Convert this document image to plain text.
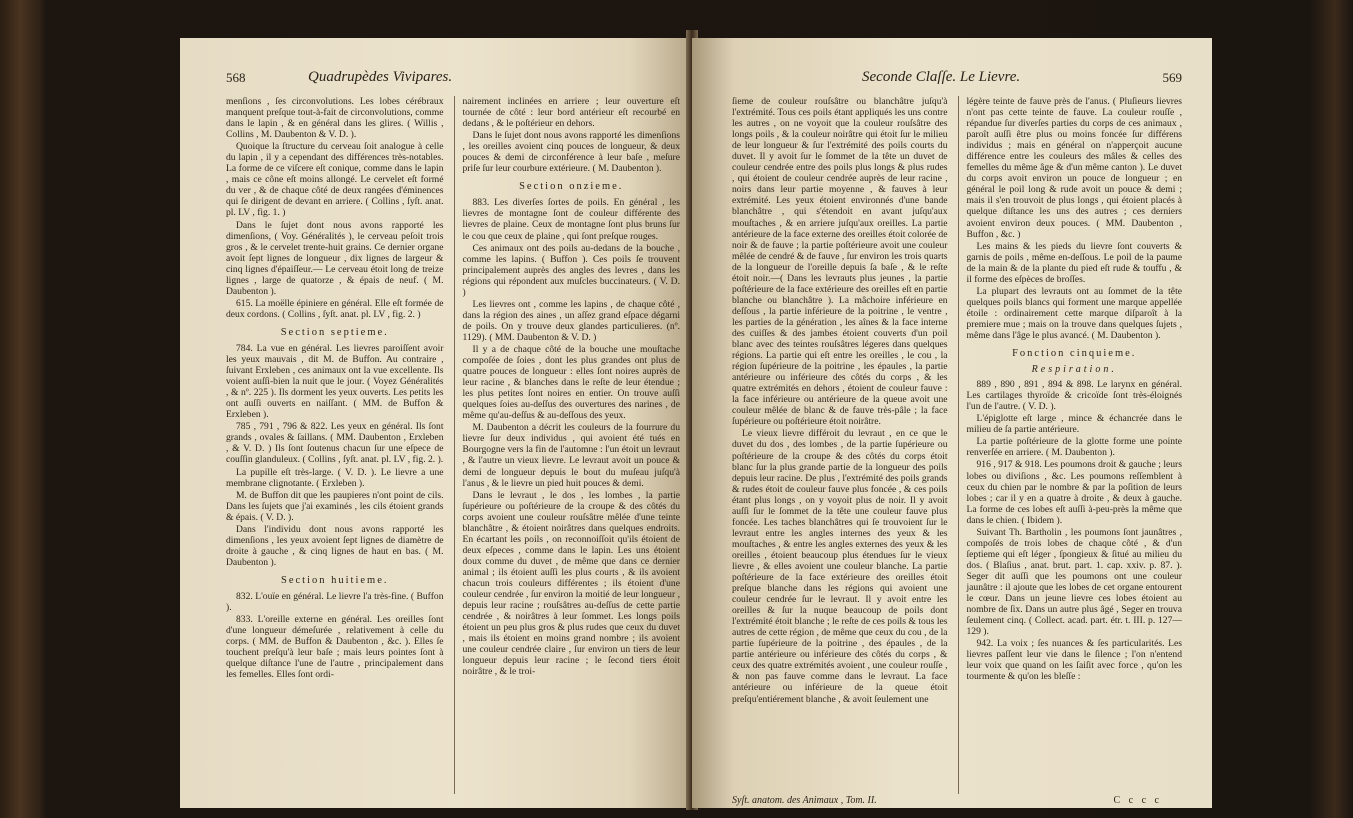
568	Quadrupèdes Vivipares.

menſions , ſes circonvolutions. Les lobes cérébraux manquent preſque tout-à-fait de circonvolutions, comme dans le lapin , & en général dans les glires. ( Willis , Collins , M. Daubenton & V. D. ).

Quoique la ſtructure du cerveau ſoit analogue à celle du lapin , il y a cependant des différences très-notables. La forme de ce viſcere eſt conique, comme dans le lapin , mais ce cône eſt moins allongé. Le cervelet eſt formé du ver , & de chaque côté de deux rangées d'éminences qui ſe dirigent de devant en arriere. ( Collins , ſyſt. anat. pl. LV , fig. 1. )

Dans le ſujet dont nous avons rapporté les dimenſions, ( Voy. Généralités ), le cerveau peſoit trois gros , & le cervelet trente-huit grains. Ce dernier organe avoit ſept lignes de longueur , dix lignes de largeur & cinq lignes d'épaiſſeur.— Le cerveau étoit long de treize lignes , large de quatorze , & épais de neuf. ( M. Daubenton ).

615. La moëlle épiniere en général. Elle eſt formée de deux cordons. ( Collins , ſyſt. anat. pl. LV , fig. 2. )

Section septieme.

784. La vue en général. Les lievres paroiſſent avoir les yeux mauvais , dit M. de Buffon. Au contraire , ſuivant Erxleben , ces animaux ont la vue excellente. Ils voient auſſi-bien la nuit que le jour. ( Voyez Généralités , & nº. 225 ). Ils dorment les yeux ouverts. Les petits les ont auſſi ouverts en naiſſant. ( MM. de Buffon & Erxleben ).

785 , 791 , 796 & 822. Les yeux en général. Ils ſont grands , ovales & ſaillans. ( MM. Daubenton , Erxleben , & V. D. ) Ils ſont ſoutenus chacun ſur une eſpece de couſſin glanduleux. ( Collins , ſyſt. anat. pl. LV , fig. 2. ).

La pupille eſt très-large. ( V. D. ). Le lievre a une membrane clignotante. ( Erxleben ).

M. de Buffon dit que les paupieres n'ont point de cils. Dans les ſujets que j'ai examinés , les cils étoient grands & épais. ( V. D. ).

Dans l'individu dont nous avons rapporté les dimenſions , les yeux avoient ſept lignes de diamètre de droite à gauche , & cinq lignes de haut en bas. ( M. Daubenton ).

Section huitieme.

832. L'ouïe en général. Le lievre l'a très-fine. ( Buffon ).

833. L'oreille externe en général. Les oreilles ſont d'une longueur démeſurée , relativement à celle du corps. ( MM. de Buffon & Daubenton , &c. ). Elles ſe touchent preſqu'à leur baſe ; mais leurs pointes ſont à quelque diſtance l'une de l'autre , principalement dans les femelles. Elles ſont ordi-

nairement inclinées en arriere ; leur ouverture eſt tournée de côté : leur bord antérieur eſt recourbé en dedans , & le poſtérieur en dehors.

Dans le ſujet dont nous avons rapporté les dimenſions , les oreilles avoient cinq pouces de longueur, & deux pouces & demi de circonférence à leur baſe , meſure priſe ſur leur courbure extérieure. ( M. Daubenton ).

Section onzieme.

883. Les diverſes ſortes de poils. En général , les lievres de montagne ſont de couleur différente des lievres de plaine. Ceux de montagne ſont plus bruns ſur le cou que ceux de plaine , qui ſont preſque rouges.

Ces animaux ont des poils au-dedans de la bouche , comme les lapins. ( Buffon ). Ces poils ſe trouvent principalement auprès des angles des levres , dans les régions qui répondent aux muſcles buccinateurs. ( V. D. )

Les lievres ont , comme les lapins , de chaque côté , dans la région des aines , un aſſez grand eſpace dégarni de poils. On y trouve deux glandes particulieres. (nº. 1129). ( MM. Daubenton & V. D. )

Il y a de chaque côté de la bouche une mouſtache compoſée de ſoies , dont les plus grandes ont plus de quatre pouces de longueur : elles ſont noires auprès de leur racine , & blanches dans le reſte de leur étendue ; les plus petites ſont noires en entier. On trouve auſſi quelques ſoies au-deſſus des ouvertures des narines , de même qu'au-deſſus & au-deſſous des yeux.

M. Daubenton a décrit les couleurs de la fourrure du lievre ſur deux individus , qui avoient été tués en Bourgogne vers la fin de l'automne : l'un étoit un levraut , & l'autre un vieux lievre. Le levraut avoit un pouce & demi de longueur depuis le bout du muſeau juſqu'à l'anus , & le lievre un pied huit pouces & demi.

Dans le levraut , le dos , les lombes , la partie ſupérieure ou poſtérieure de la croupe & des côtés du corps avoient une couleur rouſsâtre mêlée d'une teinte blanchâtre , & étoient noirâtres dans quelques endroits. En écartant les poils , on reconnoiſſoit qu'ils étoient de deux eſpeces , comme dans le lapin. Les uns étoient doux comme du duvet , de même que dans ce dernier animal ; ils étoient auſſi les plus courts , & ils avoient chacun trois couleurs différentes ; ils étoient d'une couleur cendrée , ſur environ la moitié de leur longueur , depuis leur racine ; rouſsâtres au-deſſus de cette partie cendrée , & noirâtres à leur ſommet. Les longs poils étoient un peu plus gros & plus rudes que ceux du duvet , mais ils étoient en moins grand nombre ; ils avoient une couleur cendrée claire , ſur environ un tiers de leur longueur depuis leur racine ; le ſecond tiers étoit noirâtre , & le troi-

Seconde Claſſe. Le Lievre.	569

ſieme de couleur rouſsâtre ou blanchâtre juſqu'à l'extrémité. Tous ces poils étant appliqués les uns contre les autres , on ne voyoit que la couleur rouſsâtre des longs poils , & la couleur noirâtre qui étoit ſur le milieu de leur longueur & ſur l'extrémité des poils courts du duvet. Il y avoit ſur le ſommet de la tête un duvet de couleur cendrée entre des poils plus longs & plus rudes , qui étoient de couleur cendrée auprès de leur racine , noirs dans leur partie moyenne , & fauves à leur extrémité. Les yeux étoient environnés d'une bande blanchâtre , qui s'étendoit en avant juſqu'aux mouſtaches , & en arriere juſqu'aux oreilles. La partie antérieure de la face externe des oreilles étoit colorée de noir & de fauve ; la partie poſtérieure avoit une couleur mêlée de cendré & de fauve , ſur environ les trois quarts de la longueur de l'oreille depuis ſa baſe , & le reſte étoit noir.—( Dans les levrauts plus jeunes , la partie poſtérieure de la face extérieure des oreilles eſt en partie blanche ou blanchâtre ). La mâchoire inférieure en deſſous , la partie inférieure de la poitrine , le ventre , les parties de la génération , les aînes & la face interne des cuiſſes & des jambes étoient couverts d'un poil blanc avec des teintes rouſsâtres légeres dans quelques régions. La partie qui eſt entre les oreilles , le cou , la région ſupérieure de la poitrine , les épaules , la partie antérieure ou inférieure des côtés du corps , & les quatre extrémités en dehors , étoient de couleur fauve : la face inférieure ou antérieure de la queue avoit une couleur mêlée de blanc & de fauve très-pâle ; la face ſupérieure ou poſtérieure étoit noirâtre.

Le vieux lievre différoit du levraut , en ce que le duvet du dos , des lombes , de la partie ſupérieure ou poſtérieure de la croupe & des côtés du corps étoit blanc ſur la plus grande partie de la longueur des poils depuis leur racine. De plus , l'extrémité des poils grands & rudes étoit de couleur fauve plus foncée , & ces poils étant plus longs , on y voyoit plus de noir. Il y avoit auſſi ſur le ſommet de la tête une couleur fauve plus foncée. Les taches blanchâtres qui ſe trouvoient ſur le levraut entre les angles internes des yeux & les mouſtaches , & entre les angles externes des yeux & les oreilles , étoient beaucoup plus étendues ſur le vieux lievre , & elles avoient une couleur blanche. La partie poſtérieure de la face extérieure des oreilles étoit preſque blanche dans les régions qui avoient une couleur cendrée ſur le levraut. Il y avoit entre les oreilles & ſur la nuque beaucoup de poils dont l'extrémité étoit blanche ; le reſte de ces poils & tous les autres de cette région , de même que ceux du cou , de la partie ſupérieure de la poitrine , des épaules , de la partie antérieure ou inférieure des côtés du corps , & ceux des quatre extrémités avoient , une couleur rouſſe , & non pas fauve comme dans le levraut. La face antérieure ou inférieure de la queue étoit preſqu'entiérement blanche , & avoit ſeulement une

légère teinte de fauve près de l'anus. ( Pluſieurs lievres n'ont pas cette teinte de fauve. La couleur rouſſe , répandue ſur diverſes parties du corps de ces animaux , paroît auſſi être plus ou moins foncée ſur différens individus ; mais en général on n'apperçoit aucune différence entre les couleurs des mâles & celles des femelles du même âge & d'un même canton ). Le duvet du corps avoit environ un pouce de longueur ; en général le poil long & rude avoit un pouce & demi ; mais il s'en trouvoit de plus longs , qui étoient placés à quelque diſtance les uns des autres ; ces derniers avoient environ deux pouces. ( MM. Daubenton , Buffon , &c. )

Les mains & les pieds du lievre ſont couverts & garnis de poils , même en-deſſous. Le poil de la paume de la main & de la plante du pied eſt rude & touffu , & il forme des eſpèces de broſſes.

La plupart des levrauts ont au ſommet de la tête quelques poils blancs qui forment une marque appellée étoile : ordinairement cette marque diſparoît à la premiere mue ; mais on la trouve dans quelques ſujets , même dans l'âge le plus avancé. ( M. Daubenton ).

Fonction cinquieme.
Respiration.

889 , 890 , 891 , 894 & 898. Le larynx en général. Les cartilages thyroïde & cricoïde ſont très-éloignés l'un de l'autre. ( V. D. ).

L'épiglotte eſt large , mince & échancrée dans le milieu de ſa partie antérieure.

La partie poſtérieure de la glotte forme une pointe renverſée en arriere. ( M. Daubenton ).

916 , 917 & 918. Les poumons droit & gauche ; leurs lobes ou diviſions , &c. Les poumons reſſemblent à ceux du chien par le nombre & par la poſition de leurs lobes ; car il y en a quatre à droite , & deux à gauche. La forme de ces lobes eſt auſſi à-peu-près la même que dans le chien. ( Ibidem ).

Suivant Th. Bartholin , les poumons ſont jaunâtres , compoſés de trois lobes de chaque côté , & d'un ſeptieme qui eſt léger , ſpongieux & ſitué au milieu du dos. ( Blaſius , anat. brut. part. 1. cap. xxiv. p. 87. ). Seger dit auſſi que les poumons ont une couleur jaunâtre : il ajoute que les lobes de cet organe entourent le cœur. Dans un jeune lievre ces lobes étoient au nombre de ſix. Dans un autre plus âgé , Seger en trouva ſeulement cinq. ( Collect. acad. part. étr. t. III. p. 127—129 ).

942. La voix ; ſes nuances & ſes particularités. Les lievres paſſent leur vie dans le ſilence ; l'on n'entend leur voix que quand on les ſaiſit avec force , qu'on les tourmente & qu'on les bleſſe :

Syſt. anatom. des Animaux , Tom. II.	C c c c
